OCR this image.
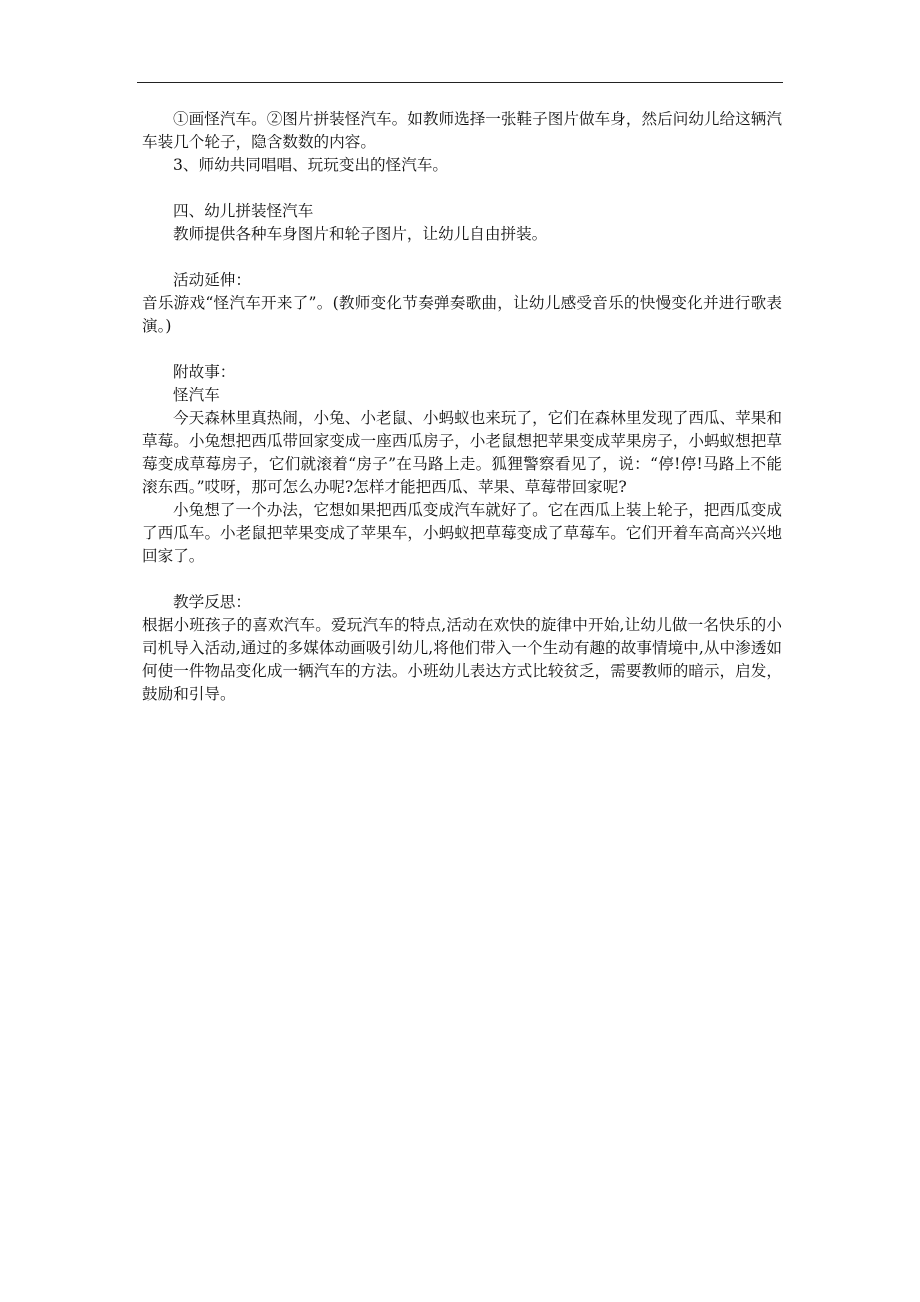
①画怪汽车。②图片拼装怪汽车。如教师选择一张鞋子图片做车身，然后问幼儿给这辆汽车装几个轮子，隐含数数的内容。

3、师幼共同唱唱、玩玩变出的怪汽车。

四、幼儿拼装怪汽车

教师提供各种车身图片和轮子图片，让幼儿自由拼装。

活动延伸：

音乐游戏“怪汽车开来了”。(教师变化节奏弹奏歌曲，让幼儿感受音乐的快慢变化并进行歌表演。)

附故事：

怪汽车

今天森林里真热闹，小兔、小老鼠、小蚂蚁也来玩了，它们在森林里发现了西瓜、苹果和草莓。小兔想把西瓜带回家变成一座西瓜房子，小老鼠想把苹果变成苹果房子，小蚂蚁想把草莓变成草莓房子，它们就滚着“房子”在马路上走。狐狸警察看见了，说：“停!停!马路上不能滚东西。”哎呀，那可怎么办呢?怎样才能把西瓜、苹果、草莓带回家呢?

小兔想了一个办法，它想如果把西瓜变成汽车就好了。它在西瓜上装上轮子，把西瓜变成了西瓜车。小老鼠把苹果变成了苹果车，小蚂蚁把草莓变成了草莓车。它们开着车高高兴兴地回家了。

教学反思：

根据小班孩子的喜欢汽车。爱玩汽车的特点,活动在欢快的旋律中开始,让幼儿做一名快乐的小司机导入活动,通过的多媒体动画吸引幼儿,将他们带入一个生动有趣的故事情境中,从中渗透如何使一件物品变化成一辆汽车的方法。小班幼儿表达方式比较贫乏，需要教师的暗示，启发，鼓励和引导。
